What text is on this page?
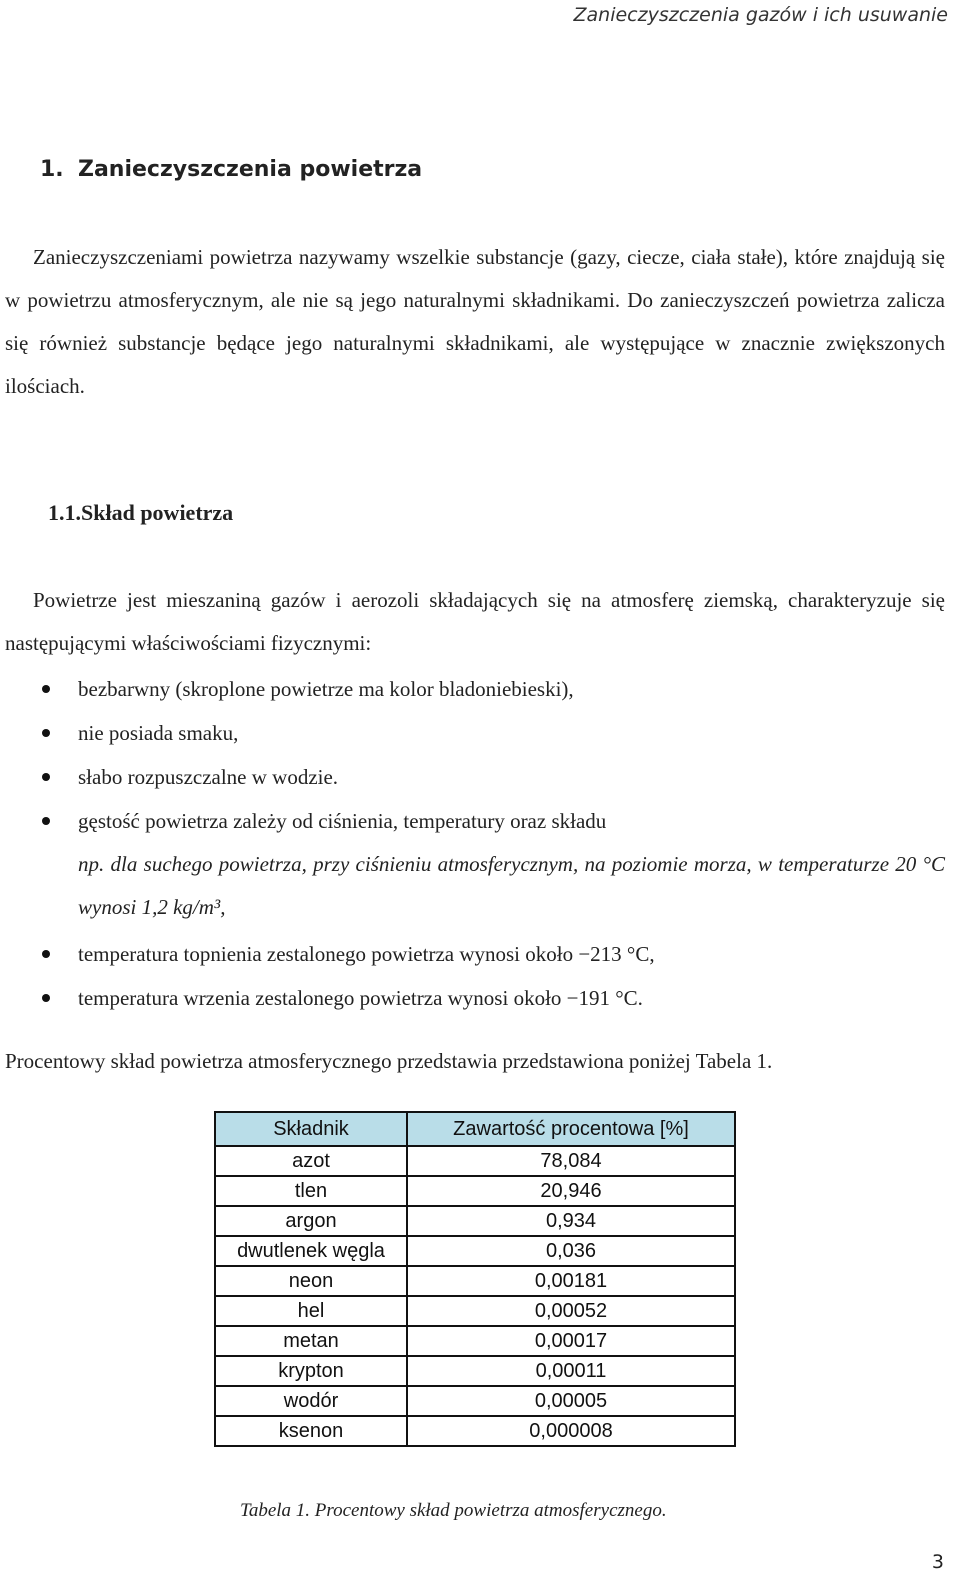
Zanieczyszczenia gazów i ich usuwanie
1. Zanieczyszczenia powietrza

Zanieczyszczeniami powietrza nazywamy wszelkie substancje (gazy, ciecze, ciała stałe), które znajdują się w powietrzu atmosferycznym, ale nie są jego naturalnymi składnikami. Do zanieczyszczeń powietrza zalicza się również substancje będące jego naturalnymi składnikami, ale występujące w znacznie zwiększonych ilościach.

1.1.Skład powietrza

Powietrze jest mieszaniną gazów i aerozoli składających się na atmosferę ziemską, charakteryzuje się następującymi właściwościami fizycznymi:

bezbarwny (skroplone powietrze ma kolor bladoniebieski),
nie posiada smaku,
słabo rozpuszczalne w wodzie.
gęstość powietrza zależy od ciśnienia, temperatury oraz składu
np. dla suchego powietrza, przy ciśnieniu atmosferycznym, na poziomie morza, w temperaturze 20 °C wynosi 1,2 kg/m³,
temperatura topnienia zestalonego powietrza wynosi około −213 °C,
temperatura wrzenia zestalonego powietrza wynosi około −191 °C.

Procentowy skład powietrza atmosferycznego przedstawia przedstawiona poniżej Tabela 1.

Składnik	Zawartość procentowa [%]
azot	78,084
tlen	20,946
argon	0,934
dwutlenek węgla	0,036
neon	0,00181
hel	0,00052
metan	0,00017
krypton	0,00011
wodór	0,00005
ksenon	0,000008
Tabela 1. Procentowy skład powietrza atmosferycznego.
3
